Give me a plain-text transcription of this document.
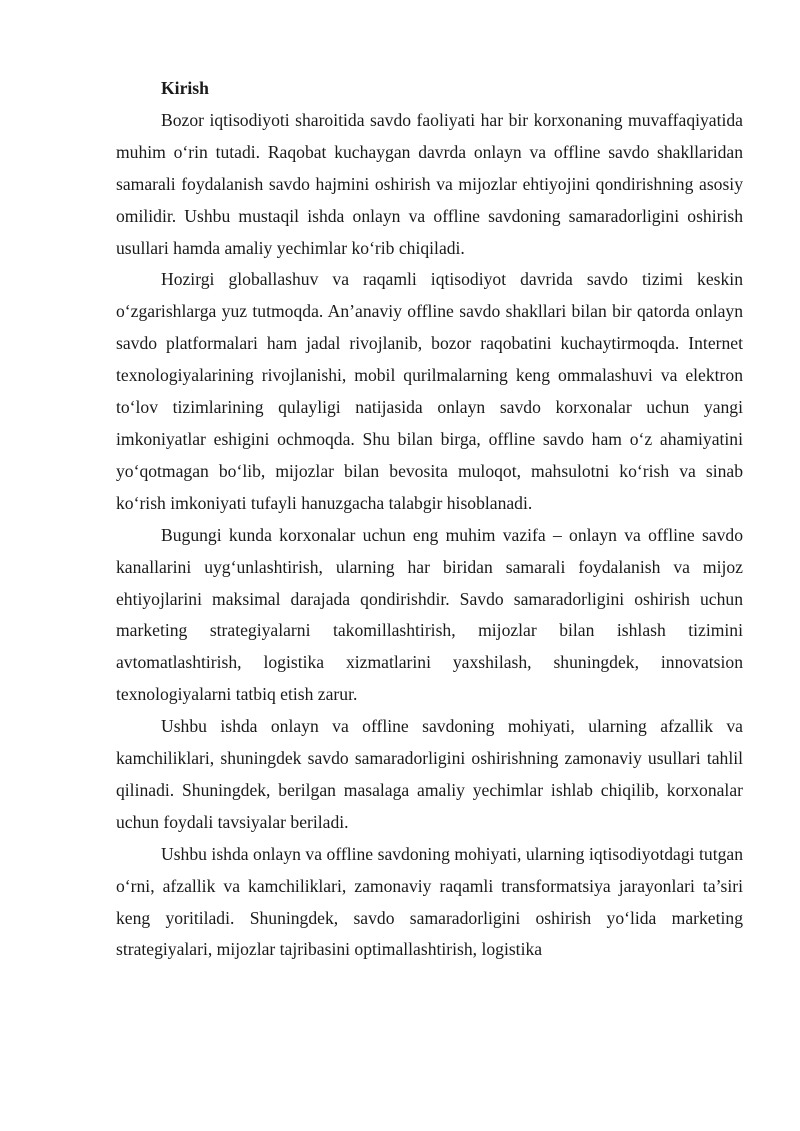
Kirish

Bozor iqtisodiyoti sharoitida savdo faoliyati har bir korxonaning muvaffaqiyatida muhim oʻrin tutadi. Raqobat kuchaygan davrda onlayn va offline savdo shakllaridan samarali foydalanish savdo hajmini oshirish va mijozlar ehtiyojini qondirishning asosiy omilidir. Ushbu mustaqil ishda onlayn va offline savdoning samaradorligini oshirish usullari hamda amaliy yechimlar koʻrib chiqiladi.

Hozirgi globallashuv va raqamli iqtisodiyot davrida savdo tizimi keskin oʻzgarishlarga yuz tutmoqda. An’anaviy offline savdo shakllari bilan bir qatorda onlayn savdo platformalari ham jadal rivojlanib, bozor raqobatini kuchaytirmoqda. Internet texnologiyalarining rivojlanishi, mobil qurilmalarning keng ommalashuvi va elektron toʻlov tizimlarining qulayligi natijasida onlayn savdo korxonalar uchun yangi imkoniyatlar eshigini ochmoqda. Shu bilan birga, offline savdo ham oʻz ahamiyatini yoʻqotmagan boʻlib, mijozlar bilan bevosita muloqot, mahsulotni koʻrish va sinab koʻrish imkoniyati tufayli hanuzgacha talabgir hisoblanadi.

Bugungi kunda korxonalar uchun eng muhim vazifa – onlayn va offline savdo kanallarini uygʻunlashtirish, ularning har biridan samarali foydalanish va mijoz ehtiyojlarini maksimal darajada qondirishdir. Savdo samaradorligini oshirish uchun marketing strategiyalarni takomillashtirish, mijozlar bilan ishlash tizimini avtomatlashtirish, logistika xizmatlarini yaxshilash, shuningdek, innovatsion texnologiyalarni tatbiq etish zarur.

Ushbu ishda onlayn va offline savdoning mohiyati, ularning afzallik va kamchiliklari, shuningdek savdo samaradorligini oshirishning zamonaviy usullari tahlil qilinadi. Shuningdek, berilgan masalaga amaliy yechimlar ishlab chiqilib, korxonalar uchun foydali tavsiyalar beriladi.

Ushbu ishda onlayn va offline savdoning mohiyati, ularning iqtisodiyotdagi tutgan oʻrni, afzallik va kamchiliklari, zamonaviy raqamli transformatsiya jarayonlari ta’siri keng yoritiladi. Shuningdek, savdo samaradorligini oshirish yoʻlida marketing strategiyalari, mijozlar tajribasini optimallashtirish, logistika
